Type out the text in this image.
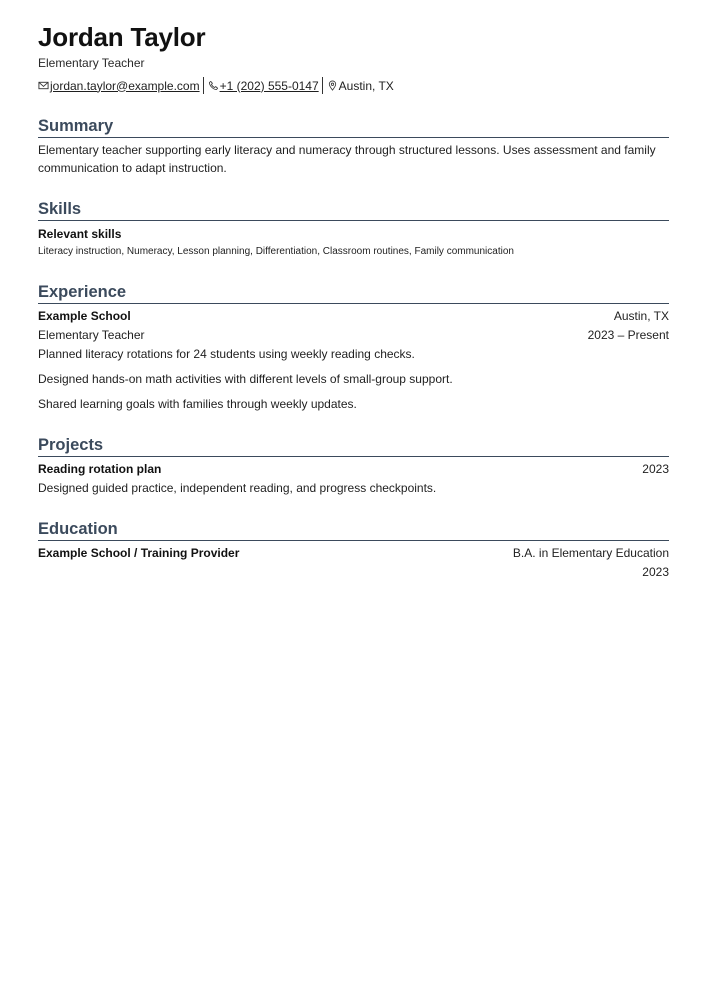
Jordan Taylor
Elementary Teacher
jordan.taylor@example.com +1 (202) 555-0147 Austin, TX
Summary
Elementary teacher supporting early literacy and numeracy through structured lessons. Uses assessment and family communication to adapt instruction.
Skills
Relevant skills
Literacy instruction, Numeracy, Lesson planning, Differentiation, Classroom routines, Family communication
Experience
Example School	Austin, TX
Elementary Teacher	2023 – Present
Planned literacy rotations for 24 students using weekly reading checks.
Designed hands-on math activities with different levels of small-group support.
Shared learning goals with families through weekly updates.
Projects
Reading rotation plan	2023
Designed guided practice, independent reading, and progress checkpoints.
Education
Example School / Training Provider	B.A. in Elementary Education
2023
